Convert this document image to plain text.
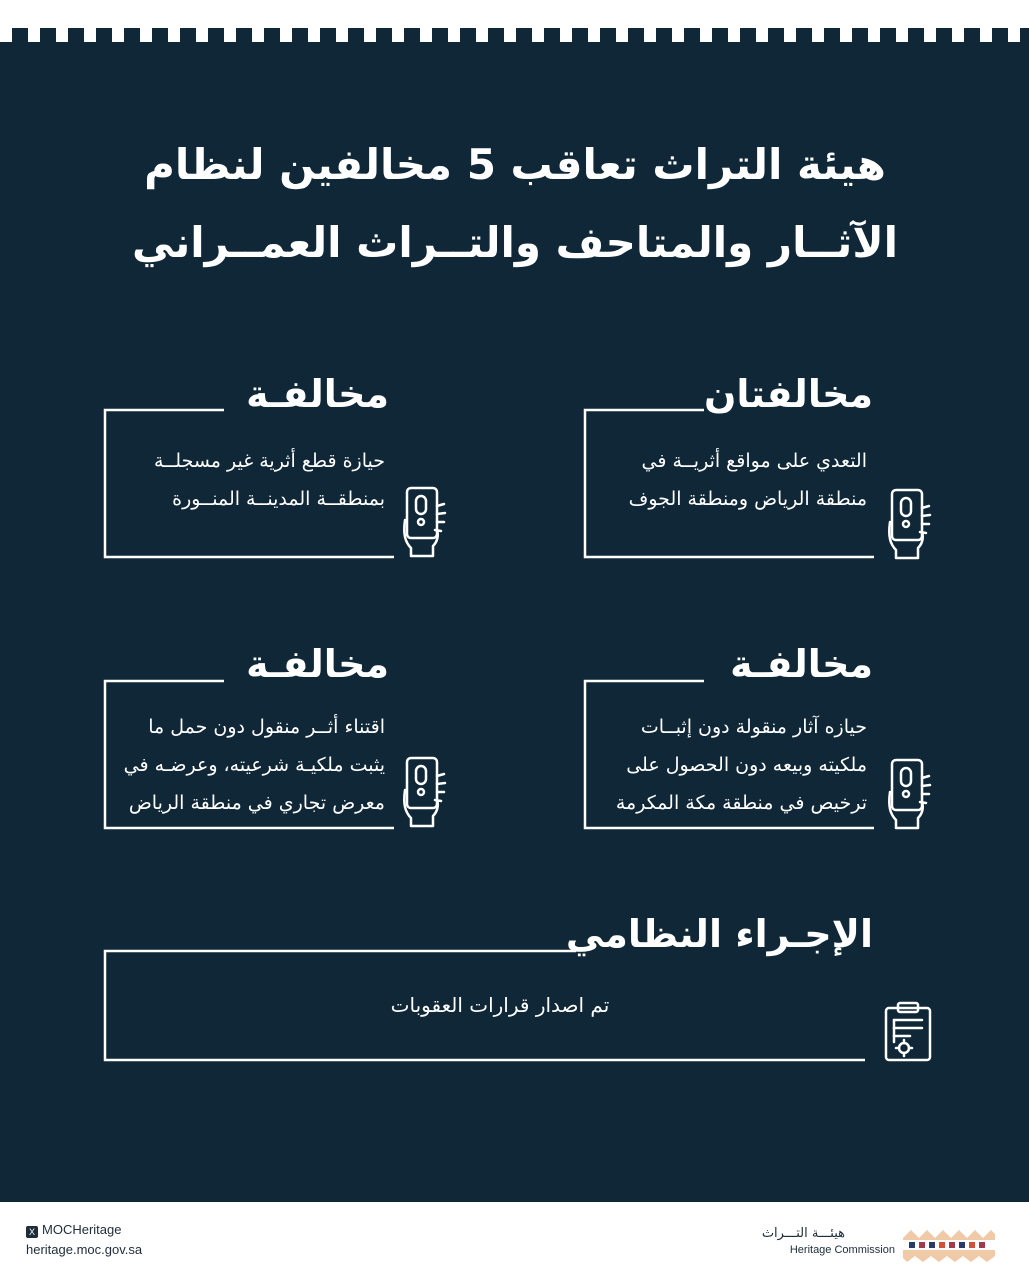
هيئة التراث تعاقب 5 مخالفين لنظام
الآثــار والمتاحف والتــراث العمــراني
مخالفتان
التعدي على مواقع أثريــة في
منطقة الرياض ومنطقة الجوف
مخالفـة
حيازة قطع أثرية غير مسجلــة
بمنطقــة المدينــة المنــورة
مخالفـة
حيازه آثار منقولة دون إثبــات
ملكيته وبيعه دون الحصول على
ترخيص في منطقة مكة المكرمة
مخالفـة
اقتناء أثــر منقول دون حمل ما
يثبت ملكيـة شرعيته، وعرضـه في
معرض تجاري في منطقة الرياض
الإجـراء النظامي
تم اصدار قرارات العقوبات
X MOCHeritage
heritage.moc.gov.sa
هيئـــة التـــراث
Heritage Commission
